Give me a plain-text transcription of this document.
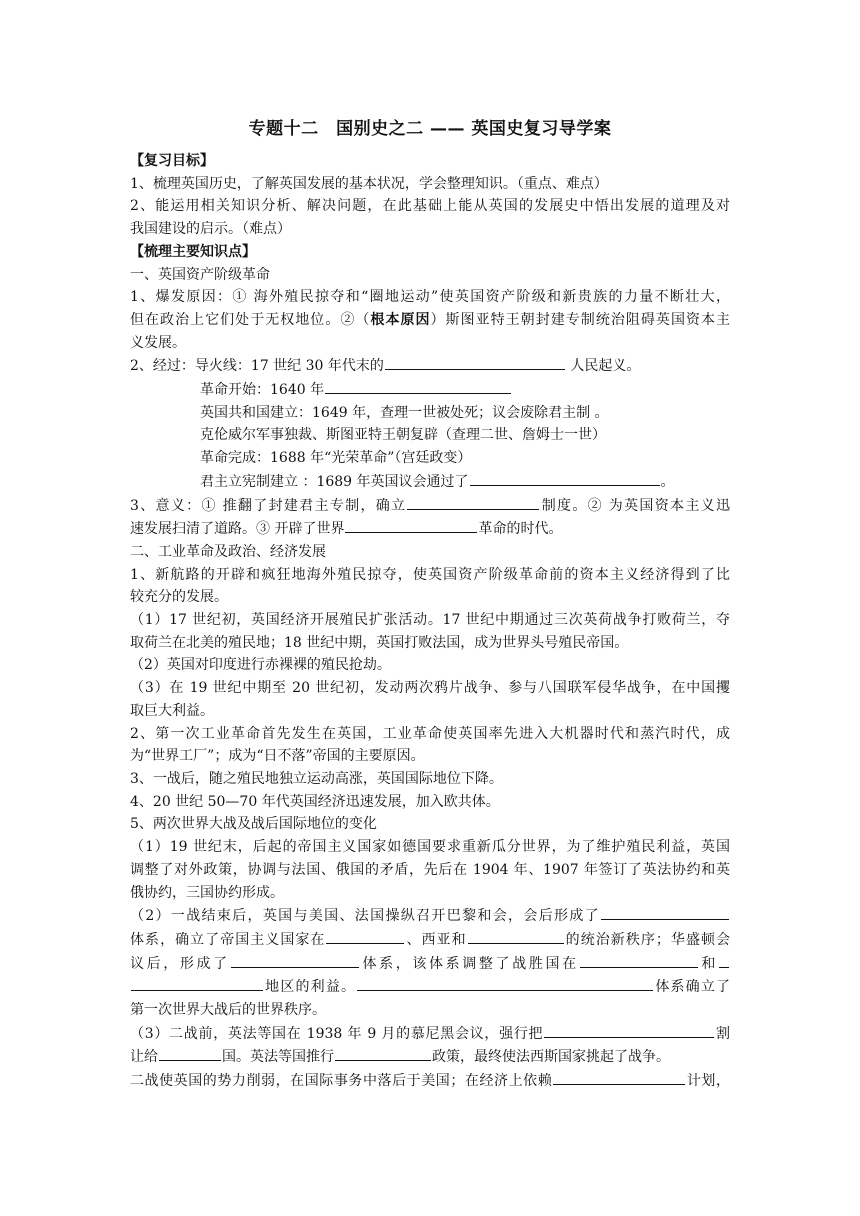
专题十二　国别史之二 —— 英国史复习导学案

【复习目标】

1、梳理英国历史，了解英国发展的基本状况，学会整理知识。（重点、难点）

2、能运用相关知识分析、解决问题，在此基础上能从英国的发展史中悟出发展的道理及对

我国建设的启示。（难点）

【梳理主要知识点】

一、英国资产阶级革命

1、爆发原因：① 海外殖民掠夺和“圈地运动”使英国资产阶级和新贵族的力量不断壮大，

但在政治上它们处于无权地位。②（根本原因）斯图亚特王朝封建专制统治阻碍英国资本主

义发展。

2、经过：导火线：17 世纪 30 年代末的	人民起义。

革命开始：1640 年

英国共和国建立：1649 年，查理一世被处死；议会废除君主制 。

克伦威尔军事独裁、斯图亚特王朝复辟（查理二世、詹姆士一世）

革命完成：1688 年“光荣革命”（宫廷政变）

君主立宪制建立 ：1689 年英国议会通过了	。

3、意义：① 推翻了封建君主专制，确立	制度。② 为英国资本主义迅

速发展扫清了道路。③ 开辟了世界	革命的时代。

二、工业革命及政治、经济发展

1、新航路的开辟和疯狂地海外殖民掠夺，使英国资产阶级革命前的资本主义经济得到了比

较充分的发展。

（1）17 世纪初，英国经济开展殖民扩张活动。17 世纪中期通过三次英荷战争打败荷兰，夺

取荷兰在北美的殖民地；18 世纪中期，英国打败法国，成为世界头号殖民帝国。

（2）英国对印度进行赤裸裸的殖民抢劫。

（3）在 19 世纪中期至 20 世纪初，发动两次鸦片战争、参与八国联军侵华战争，在中国攫

取巨大利益。

2、第一次工业革命首先发生在英国，工业革命使英国率先进入大机器时代和蒸汽时代，成

为“世界工厂”；成为“日不落”帝国的主要原因。

3、一战后，随之殖民地独立运动高涨，英国国际地位下降。

4、20 世纪 50—70 年代英国经济迅速发展，加入欧共体。

5、两次世界大战及战后国际地位的变化

（1）19 世纪末，后起的帝国主义国家如德国要求重新瓜分世界，为了维护殖民利益，英国

调整了对外政策，协调与法国、俄国的矛盾，先后在 1904 年、1907 年签订了英法协约和英

俄协约，三国协约形成。

（2）一战结束后，英国与美国、法国操纵召开巴黎和会，会后形成了

体系，确立了帝国主义国家在	、西亚和	的统治新秩序；华盛顿会

议后，形成了	体系，该体系调整了战胜国在	和

地区的利益。	体系确立了

第一次世界大战后的世界秩序。

（3）二战前，英法等国在 1938 年 9 月的慕尼黑会议，强行把	割

让给	国。英法等国推行	政策，最终使法西斯国家挑起了战争。

二战使英国的势力削弱，在国际事务中落后于美国；在经济上依赖	计划，
